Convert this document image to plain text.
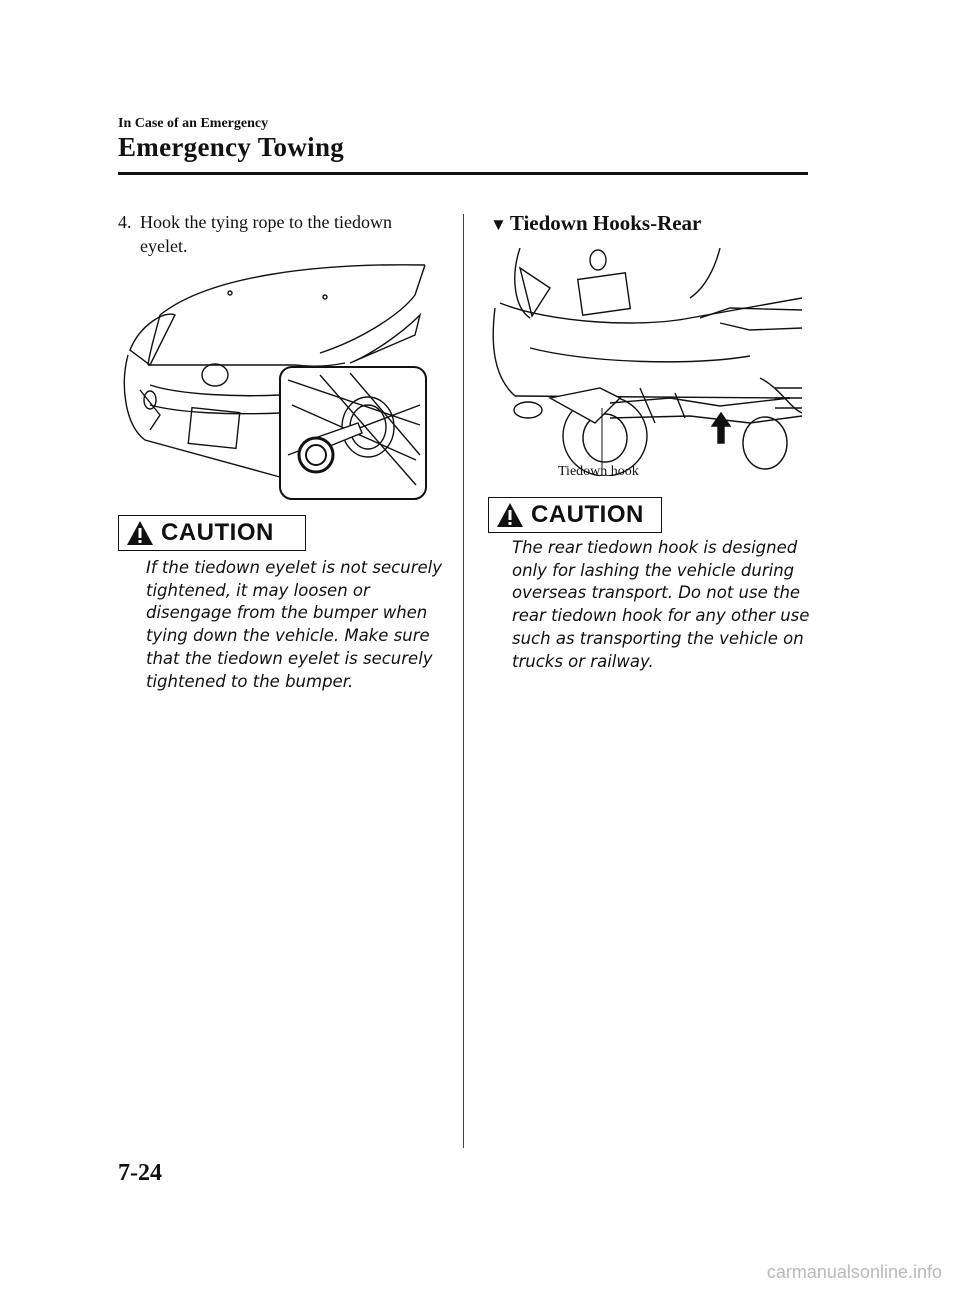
In Case of an Emergency
Emergency Towing
4. Hook the tying rope to the tiedown eyelet.
CAUTION
If the tiedown eyelet is not securely tightened, it may loosen or disengage from the bumper when tying down the vehicle. Make sure that the tiedown eyelet is securely tightened to the bumper.
▼ Tiedown Hooks-Rear
Tiedown hook
CAUTION
The rear tiedown hook is designed only for lashing the vehicle during overseas transport. Do not use the rear tiedown hook for any other use such as transporting the vehicle on trucks or railway.
7-24
carmanualsonline.info
